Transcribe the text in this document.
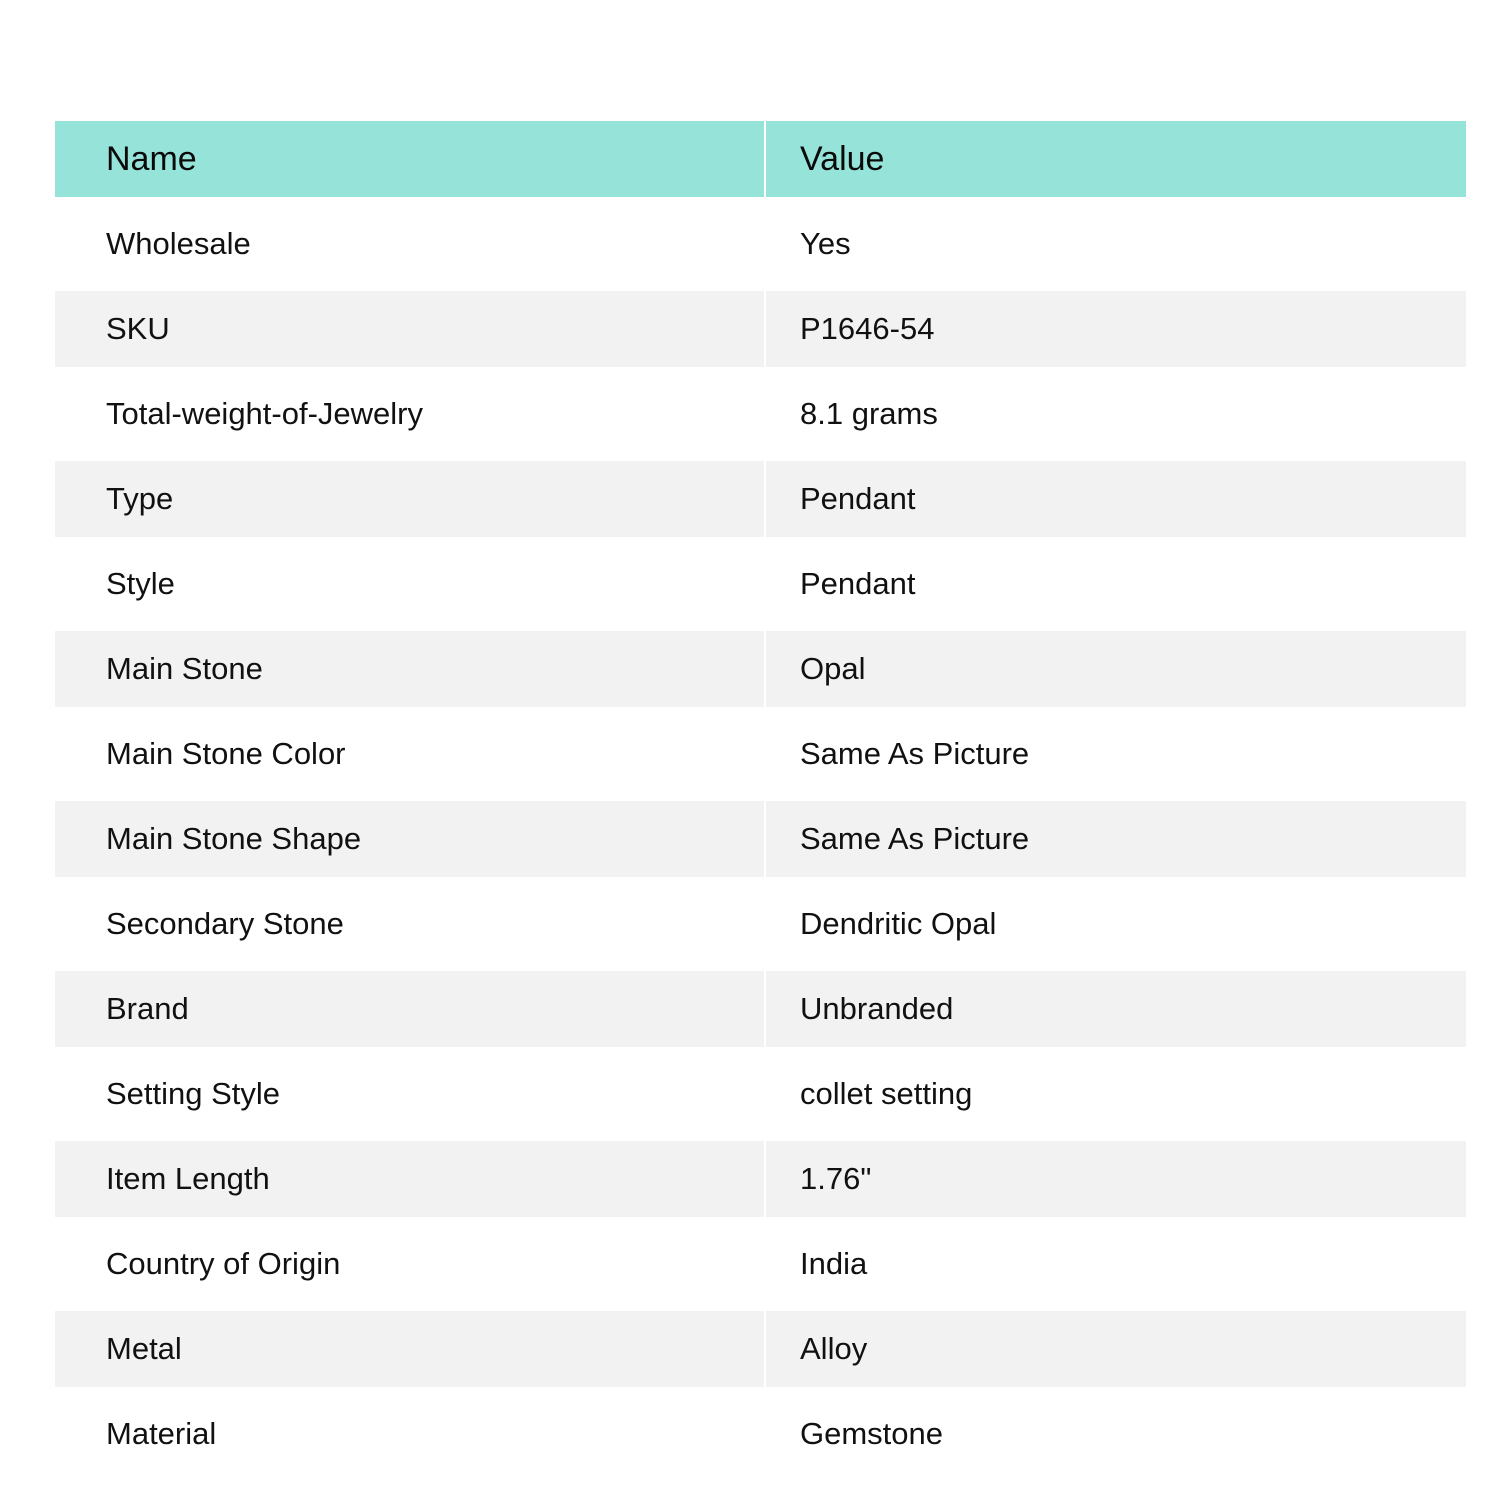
Name	Value
Wholesale	Yes
SKU	P1646-54
Total-weight-of-Jewelry	8.1 grams
Type	Pendant
Style	Pendant
Main Stone	Opal
Main Stone Color	Same As Picture
Main Stone Shape	Same As Picture
Secondary Stone	Dendritic Opal
Brand	Unbranded
Setting Style	collet setting
Item Length	1.76"
Country of Origin	India
Metal	Alloy
Material	Gemstone
